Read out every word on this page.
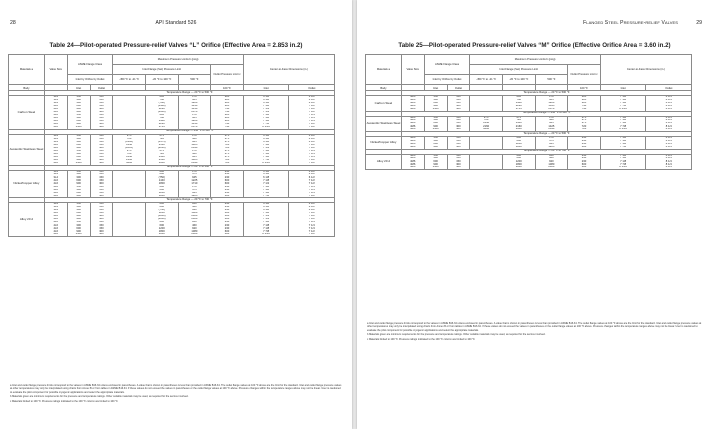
28	API Standard 526
Table 24—Pilot-operated Pressure-relief Valves “L” Orifice (Effective Area = 2.853 in.2)
Materials a	Valve Size	ASME Flange Class		Maximum Pressure Limits b (psig)				Center-to-Face Dimensions (in.)	
				Inlet Flange (Set) Pressure Limit			Outlet Pressure Limit c		
		Inlet by Orifice by Outlet		-450 °F to -21 °F	-20 °F to 100 °F	500 °F			
Body		Inlet	Outlet				100 °F	Inlet	Outlet
	Temperature Range — 20 °F to 500 °F								
Carbon Steel	3L4	150	150		285	170	285	6 1/8	6 1/2
	3L4	300	150		740	605	285	6 1/8	6 1/2
	3L4	300	150		(740)	1220	285	6 1/8	6 1/2
	4L6	600	150		(1480)	1410	285	7 1/8	7 1/2
	4L6	900	300		2220	1410	740	7 1/2	7 1/2
	4L6	900	300		(3600)	2070	740	7 1/2	7 1/2
	4L6	150	150		285	170	285	7 1/8	7 1/4
	4L6	300	150		740	605	285	7 1/8	7 1/4
	4L6	600	150		1480	1220	285	7 1/8	7 1/4
	4L6	900	300		2220	1410	740	7 7/8	7 1/2
	4L6	1500	300		3705	2070	740	8 1/16	7 1/2
	Temperature Range — 450 °F to 500 °F								
Austenitic Stainless Steel	3L4	150	150	275	275	170	275	6 1/8	6 1/2
	3L4	300	150	720	720	460	275	6 1/8	6 1/2
	3L4	300	150	(1200)	(1375)	965	275	6 1/8	6 1/2
	4L6	600	150	1440	2160	1425	720	7 1/8	7 1/2
	4L6	900	300	(2010)	(2010)	2390	720	7 1/2	7 1/2
	4L6	150	150	275	275	170	275	7 1/8	7 1/4
	4L6	300	150	720	720	460	275	7 1/8	7 1/4
	4L6	600	150	1440	1440	965	275	7 1/8	7 1/4
	4L6	900	300	2160	2160	1425	720	7 7/8	7 1/2
	4L6	1500	300	3600	3600	2390	720	8 1/16	7 1/2
	Temperature Range — 20 °F to 500 °F								
Nickel/Copper Alloy	3L4	150	150		230	170	230	6 1/8	6 1/2
	3L4	300	150		600	475	230	6 1/8	6 1/2
	3L4	300	150		(750)	945	230	6 1/8	6 1/2
	4L6	600	150		1440	1225	600	7 1/8	7 1/2
	4L6	900	300		1800	1710	600	7 1/2	7 1/2
	4L6	150	150		230	170	230	7 1/8	7 1/4
	4L6	300	150		600	475	230	7 1/8	7 1/4
	4L6	600	150		1200	945	230	7 1/8	7 1/4
	4L6	900	300		1800	1225	600	7 7/8	7 1/2
	Temperature Range — 20 °F to 700 °F								
Alloy 20 d	3L4	150	150		230	180	230	6 1/8	6 1/2
	3L4	300	150		600	460	230	6 1/8	6 1/2
	3L4	300	150		(750)	920	230	6 1/8	6 1/2
	4L6	600	150		1200	1380	600	7 1/8	7 1/2
	4L6	900	300		(1800)	2300	600	7 1/2	7 1/2
	4L6	900	300		(3000)	2300	600	7 1/2	7 1/2
	4L6	150	150		230	180	230	7 1/8	7 1/4
	4L6	300	150		600	460	230	7 1/8	7 1/4
	4L6	600	150		1200	920	230	7 1/8	7 1/4
	4L6	900	300		1800	1380	600	7 7/8	7 1/2
	4L6	1500	300		3000	2300	600	8 1/16	7 1/2

a Inlet and outlet flange pressure limits correspond to the values in ASME B16.34 unless enclosed in parentheses. A value that is shown in parentheses is less than provided in ASME B16.34. The outlet flange values at 100 °F above are the limit for the standard. Inlet and outlet flange pressure values at other temperatures may only be interpolated using charts from Annex B or from tables in ASME B16.34. If these values do not exceed the values in parentheses or the outlet flange values at 100 °F above. Pressure changes within the temperature ranges above may not be linear. User is cautioned to evaluate the pilot component for possible cryogenic applications and select the appropriate materials.

b Materials given are minimum requirements for the pressure and temperature ratings. Other suitable materials may be used, as required for the service involved.

c Materials limited to 100 °F. Pressure ratings indicated to the 100 °F column are limited to 100 °F.

Flanged Steel Pressure-relief Valves	29
Table 25—Pilot-operated Pressure-relief Valves “M” Orifice (Effective Orifice Area = 3.60 in.2)
Materials a	Valve Size	ASME Flange Class		Maximum Pressure Limits b (psig)				Center-to-Face Dimensions (in.)	
				Inlet Flange (Set) Pressure Limit			Outlet Pressure Limit c		
		Inlet by Orifice by Outlet		-450 °F to -21 °F	-20 °F to 100 °F	500 °F			
Body		Inlet	Outlet				100 °F	Inlet	Outlet
	Temperature Range — 20 °F to 500 °F								
Carbon Steel	4M6	150	150		285	170	285	7 1/8	8 1/4
	4M6	300	150		740	605	285	7 1/8	8 1/4
	4M6	600	150		1480	1220	285	7 1/8	8 1/4
	4M6	900	300		2220	1815	740	7 7/8	8 1/4
	4M6	1500	300		3705	2070	740	8 1/16	8 1/4
	Temperature Range — 450 °F to 500 °F								
Austenitic Stainless Steel	4M6	150	150	275	275	170	275	7 1/8	8 1/4
	4M6	300	150	720	720	460	275	7 1/8	8 1/4
	4M6	600	150	1440	1440	965	275	7 1/8	8 1/4
	4M6	900	300	2160	2160	1425	720	7 7/8	8 1/4
	4M6	1500	300	3600	3600	2390	720	8 1/16	8 1/4
	Temperature Range — 20 °F to 500 °F								
Nickel/Copper Alloy	4M6	150	150		230	170	230	7 1/8	8 1/4
	4M6	300	150		600	475	230	7 1/8	8 1/4
	4M6	600	150		1200	945	230	7 1/8	8 1/4
	4M6	900	300		1800	1225	600	7 7/8	8 1/4
	Temperature Range — 20 °F to 700 °F								
Alloy 20 d	4M6	150	150		230	180	230	7 1/8	8 1/4
	4M6	300	150		600	460	230	7 1/8	8 1/4
	4M6	600	150		1200	920	230	7 1/8	8 1/4
	4M6	900	300		1800	1380	600	7 7/8	8 1/4
	4M6	1500	300		3000	2300	600	8 1/16	8 1/4

a Inlet and outlet flange pressure limits correspond to the values in ASME B16.34 unless enclosed in parentheses. A value that is shown in parentheses is less than provided in ASME B16.34. The outlet flange values at 100 °F above are the limit for the standard. Inlet and outlet flange pressure values at other temperatures may only be interpolated using charts from Annex B or from tables in ASME B16.34. If these values do not exceed the values in parentheses or the outlet flange values at 100 °F above. Pressure changes within the temperature ranges above may not be linear. User is cautioned to evaluate the pilot component for possible cryogenic applications and select the appropriate materials.

b Materials given are minimum requirements for the pressure and temperature ratings. Other suitable materials may be used, as required for the service involved.

c Materials limited to 100 °F. Pressure ratings indicated to the 100 °F column are limited to 100 °F.
